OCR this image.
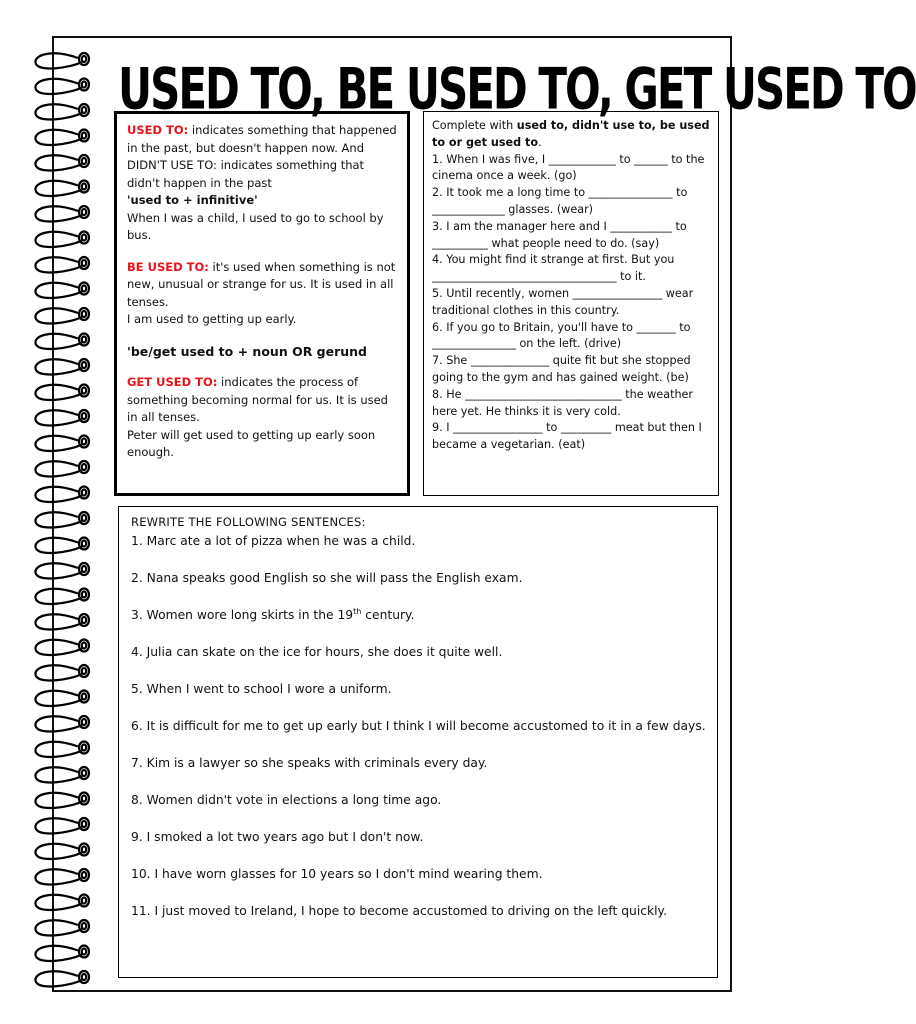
USED TO, BE USED TO, GET USED TO

USED TO: indicates something that happened in the past, but doesn't happen now. And DIDN'T USE TO: indicates something that didn't happen in the past

'used to + infinitive'

When I was a child, I used to go to school by bus.

BE USED TO: it's used when something is not new, unusual or strange for us. It is used in all tenses.

I am used to getting up early.

'be/get used to + noun OR gerund

GET USED TO: indicates the process of something becoming normal for us. It is used in all tenses.

Peter will get used to getting up early soon enough.

Complete with used to, didn't use to, be used to or get used to.

1. When I was five, I ____________ to ______ to the cinema once a week. (go)

2. It took me a long time to _______________ to _____________ glasses. (wear)

3. I am the manager here and I ___________ to __________ what people need to do. (say)

4. You might find it strange at first. But you _________________________________ to it.

5. Until recently, women ________________ wear traditional clothes in this country.

6. If you go to Britain, you'll have to _______ to _______________ on the left. (drive)

7. She ______________ quite fit but she stopped going to the gym and has gained weight. (be)

8. He ____________________________ the weather here yet. He thinks it is very cold.

9. I ________________ to _________ meat but then I became a vegetarian. (eat)

REWRITE THE FOLLOWING SENTENCES:

1. Marc ate a lot of pizza when he was a child.

2. Nana speaks good English so she will pass the English exam.

3. Women wore long skirts in the 19th century.

4. Julia can skate on the ice for hours, she does it quite well.

5. When I went to school I wore a uniform.

6. It is difficult for me to get up early but I think I will become accustomed to it in a few days.

7. Kim is a lawyer so she speaks with criminals every day.

8. Women didn't vote in elections a long time ago.

9. I smoked a lot two years ago but I don't now.

10. I have worn glasses for 10 years so I don't mind wearing them.

11. I just moved to Ireland, I hope to become accustomed to driving on the left quickly.
